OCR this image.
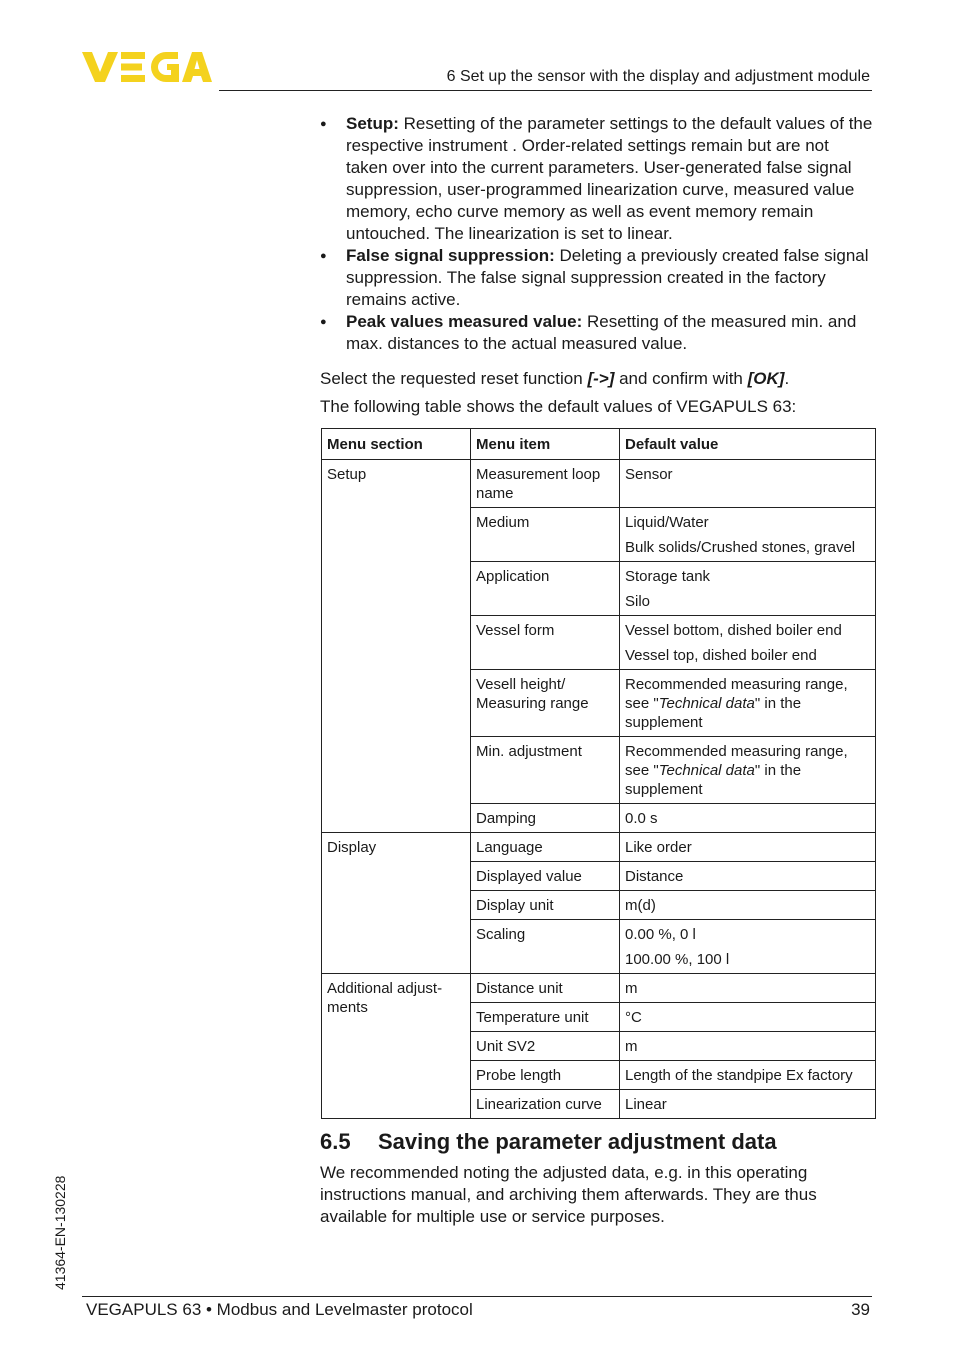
6 Set up the sensor with the display and adjustment module
● Setup: Resetting of the parameter settings to the default values of the respective instrument . Order-related settings remain but are not taken over into the current parameters. User-generated false signal suppression, user-programmed linearization curve, measured value memory, echo curve memory as well as event memory remain untouched. The linearization is set to linear.
● False signal suppression: Deleting a previously created false signal suppression. The false signal suppression created in the factory remains active.
● Peak values measured value: Resetting of the measured min. and max. distances to the actual measured value.

Select the requested reset function [->] and confirm with [OK].

The following table shows the default values of VEGAPULS 63:

Menu section	Menu item	Default value
Setup	Measurement loop name	Sensor

	Medium	Liquid/Water
Bulk solids/Crushed stones, gravel

	Application	Storage tank
Silo

	Vessel form	Vessel bottom, dished boiler end
Vessel top, dished boiler end

	Vesell height/ Measuring range	Recommended measuring range, see "Technical data" in the supplement
	Min. adjustment	Recommended measuring range, see "Technical data" in the supplement
	Damping	0.0 s

Display	Language	Like order

	Displayed value	Distance

	Display unit	m(d)

	Scaling	0.00 %, 0 l
100.00 %, 100 l

Additional adjust-ments	Distance unit	m

	Temperature unit	°C

	Unit SV2	m

	Probe length	Length of the standpipe Ex factory

	Linearization curve	Linear
6.5 Saving the parameter adjustment data

We recommended noting the adjusted data, e.g. in this operating instructions manual, and archiving them afterwards. They are thus available for multiple use or service purposes.

41364-EN-130228
VEGAPULS 63 • Modbus and Levelmaster protocol	39
